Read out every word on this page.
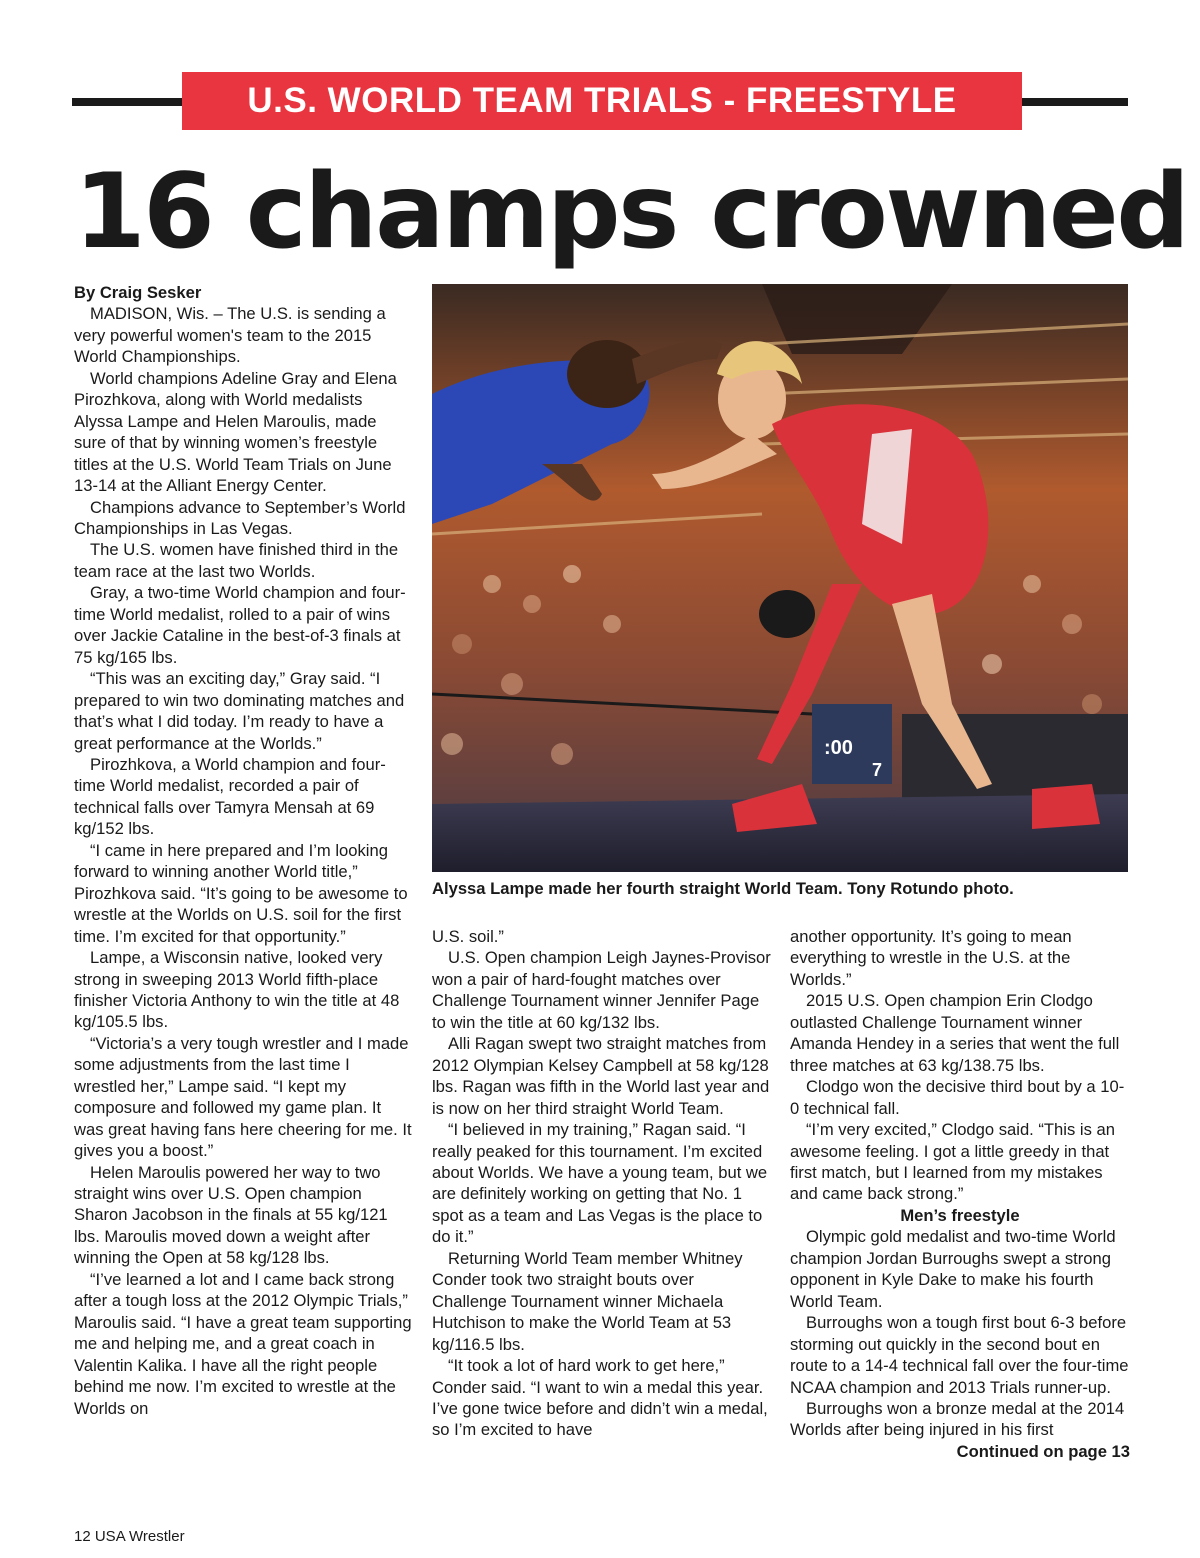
U.S. WORLD TEAM TRIALS - FREESTYLE
16 champs crowned

By Craig Sesker

MADISON, Wis. – The U.S. is sending a very powerful women's team to the 2015 World Championships.

World champions Adeline Gray and Elena Pirozhkova, along with World medalists Alyssa Lampe and Helen Maroulis, made sure of that by winning women’s freestyle titles at the U.S. World Team Trials on June 13-14 at the Alliant Energy Center.

Champions advance to September’s World Championships in Las Vegas.

The U.S. women have finished third in the team race at the last two Worlds.

Gray, a two-time World champion and four-time World medalist, rolled to a pair of wins over Jackie Cataline in the best-of-3 finals at 75 kg/165 lbs.

“This was an exciting day,” Gray said. “I prepared to win two dominating matches and that’s what I did today. I’m ready to have a great performance at the Worlds.”

Pirozhkova, a World champion and four-time World medalist, recorded a pair of technical falls over Tamyra Mensah at 69 kg/152 lbs.

“I came in here prepared and I’m looking forward to winning another World title,” Pirozhkova said. “It’s going to be awesome to wrestle at the Worlds on U.S. soil for the first time. I’m excited for that opportunity.”

Lampe, a Wisconsin native, looked very strong in sweeping 2013 World fifth-place finisher Victoria Anthony to win the title at 48 kg/105.5 lbs.

“Victoria’s a very tough wrestler and I made some adjustments from the last time I wrestled her,” Lampe said. “I kept my composure and followed my game plan. It was great having fans here cheering for me. It gives you a boost.”

Helen Maroulis powered her way to two straight wins over U.S. Open champion Sharon Jacobson in the finals at 55 kg/121 lbs. Maroulis moved down a weight after winning the Open at 58 kg/128 lbs.

“I’ve learned a lot and I came back strong after a tough loss at the 2012 Olympic Trials,” Maroulis said. “I have a great team supporting me and helping me, and a great coach in Valentin Kalika. I have all the right people behind me now. I’m excited to wrestle at the Worlds on

:00
7
Alyssa Lampe made her fourth straight World Team. Tony Rotundo photo.

U.S. soil.”

U.S. Open champion Leigh Jaynes-Provisor won a pair of hard-fought matches over Challenge Tournament winner Jennifer Page to win the title at 60 kg/132 lbs.

Alli Ragan swept two straight matches from 2012 Olympian Kelsey Campbell at 58 kg/128 lbs. Ragan was fifth in the World last year and is now on her third straight World Team.

“I believed in my training,” Ragan said. “I really peaked for this tournament. I’m excited about Worlds. We have a young team, but we are definitely working on getting that No. 1 spot as a team and Las Vegas is the place to do it.”

Returning World Team member Whitney Conder took two straight bouts over Challenge Tournament winner Michaela Hutchison to make the World Team at 53 kg/116.5 lbs.

“It took a lot of hard work to get here,” Conder said. “I want to win a medal this year. I’ve gone twice before and didn’t win a medal, so I’m excited to have

another opportunity. It’s going to mean everything to wrestle in the U.S. at the Worlds.”

2015 U.S. Open champion Erin Clodgo outlasted Challenge Tournament winner Amanda Hendey in a series that went the full three matches at 63 kg/138.75 lbs.

Clodgo won the decisive third bout by a 10-0 technical fall.

“I’m very excited,” Clodgo said. “This is an awesome feeling. I got a little greedy in that first match, but I learned from my mistakes and came back strong.”

Men’s freestyle

Olympic gold medalist and two-time World champion Jordan Burroughs swept a strong opponent in Kyle Dake to make his fourth World Team.

Burroughs won a tough first bout 6-3 before storming out quickly in the second bout en route to a 14-4 technical fall over the four-time NCAA champion and 2013 Trials runner-up.

Burroughs won a bronze medal at the 2014 Worlds after being injured in his first

Continued on page 13

12 USA Wrestler
